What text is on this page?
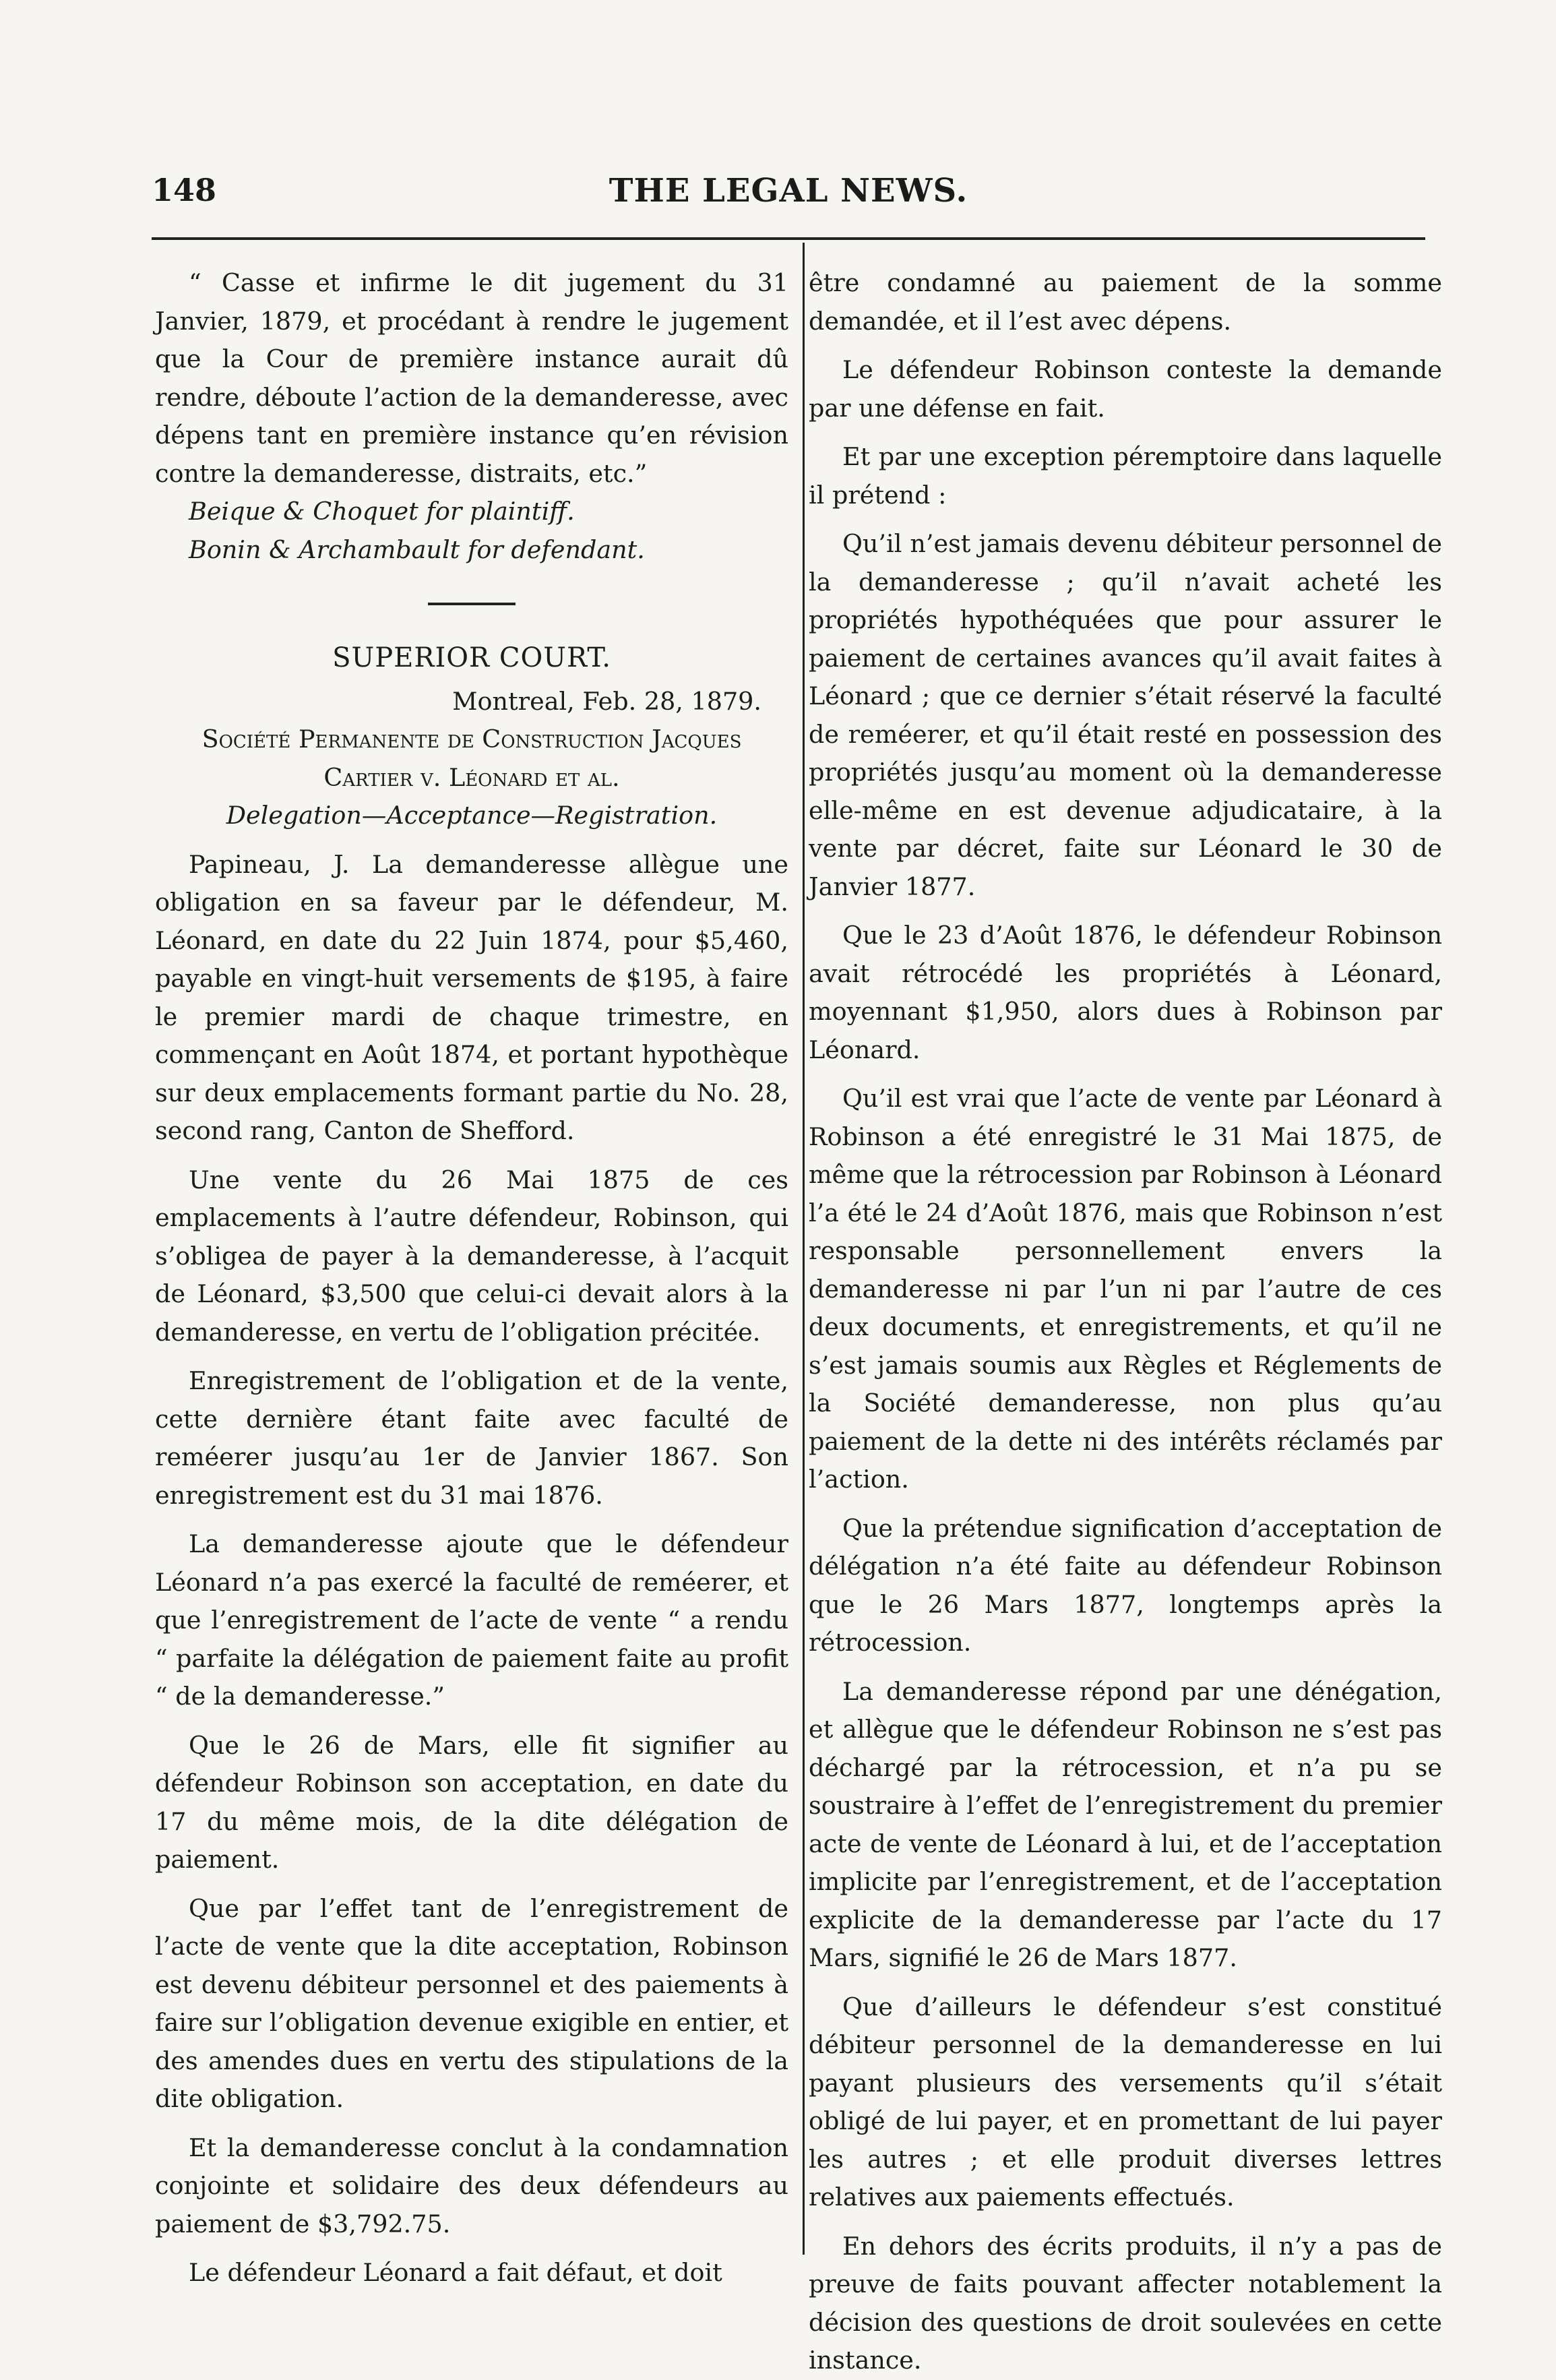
148	THE LEGAL NEWS.

“ Casse et infirme le dit jugement du 31 Janvier, 1879, et procédant à rendre le jugement que la Cour de première instance aurait dû rendre, déboute l’action de la demanderesse, avec dépens tant en première instance qu’en révision contre la demanderesse, distraits, etc.”

Beique & Choquet for plaintiff.

Bonin & Archambault for defendant.

SUPERIOR COURT.

Montreal, Feb. 28, 1879.

Société Permanente de Construction Jacques Cartier v. Léonard et al.

Delegation—Acceptance—Registration.

Papineau, J. La demanderesse allègue une obligation en sa faveur par le défendeur, M. Léonard, en date du 22 Juin 1874, pour $5,460, payable en vingt-huit versements de $195, à faire le premier mardi de chaque trimestre, en commençant en Août 1874, et portant hypothèque sur deux emplacements formant partie du No. 28, second rang, Canton de Shefford.

Une vente du 26 Mai 1875 de ces emplacements à l’autre défendeur, Robinson, qui s’obligea de payer à la demanderesse, à l’acquit de Léonard, $3,500 que celui-ci devait alors à la demanderesse, en vertu de l’obligation précitée.

Enregistrement de l’obligation et de la vente, cette dernière étant faite avec faculté de reméerer jusqu’au 1er de Janvier 1867. Son enregistrement est du 31 mai 1876.

La demanderesse ajoute que le défendeur Léonard n’a pas exercé la faculté de reméerer, et que l’enregistrement de l’acte de vente “ a rendu “ parfaite la délégation de paiement faite au profit “ de la demanderesse.”

Que le 26 de Mars, elle fit signifier au défendeur Robinson son acceptation, en date du 17 du même mois, de la dite délégation de paiement.

Que par l’effet tant de l’enregistrement de l’acte de vente que la dite acceptation, Robinson est devenu débiteur personnel et des paiements à faire sur l’obligation devenue exigible en entier, et des amendes dues en vertu des stipulations de la dite obligation.

Et la demanderesse conclut à la condamnation conjointe et solidaire des deux défendeurs au paiement de $3,792.75.

Le défendeur Léonard a fait défaut, et doit

être condamné au paiement de la somme demandée, et il l’est avec dépens.

Le défendeur Robinson conteste la demande par une défense en fait.

Et par une exception péremptoire dans laquelle il prétend :

Qu’il n’est jamais devenu débiteur personnel de la demanderesse ; qu’il n’avait acheté les propriétés hypothéquées que pour assurer le paiement de certaines avances qu’il avait faites à Léonard ; que ce dernier s’était réservé la faculté de reméerer, et qu’il était resté en possession des propriétés jusqu’au moment où la demanderesse elle-même en est devenue adjudicataire, à la vente par décret, faite sur Léonard le 30 de Janvier 1877.

Que le 23 d’Août 1876, le défendeur Robinson avait rétrocédé les propriétés à Léonard, moyennant $1,950, alors dues à Robinson par Léonard.

Qu’il est vrai que l’acte de vente par Léonard à Robinson a été enregistré le 31 Mai 1875, de même que la rétrocession par Robinson à Léonard l’a été le 24 d’Août 1876, mais que Robinson n’est responsable personnellement envers la demanderesse ni par l’un ni par l’autre de ces deux documents, et enregistrements, et qu’il ne s’est jamais soumis aux Règles et Réglements de la Société demanderesse, non plus qu’au paiement de la dette ni des intérêts réclamés par l’action.

Que la prétendue signification d’acceptation de délégation n’a été faite au défendeur Robinson que le 26 Mars 1877, longtemps après la rétrocession.

La demanderesse répond par une dénégation, et allègue que le défendeur Robinson ne s’est pas déchargé par la rétrocession, et n’a pu se soustraire à l’effet de l’enregistrement du premier acte de vente de Léonard à lui, et de l’acceptation implicite par l’enregistrement, et de l’acceptation explicite de la demanderesse par l’acte du 17 Mars, signifié le 26 de Mars 1877.

Que d’ailleurs le défendeur s’est constitué débiteur personnel de la demanderesse en lui payant plusieurs des versements qu’il s’était obligé de lui payer, et en promettant de lui payer les autres ; et elle produit diverses lettres relatives aux paiements effectués.

En dehors des écrits produits, il n’y a pas de preuve de faits pouvant affecter notablement la décision des questions de droit soulevées en cette instance.
